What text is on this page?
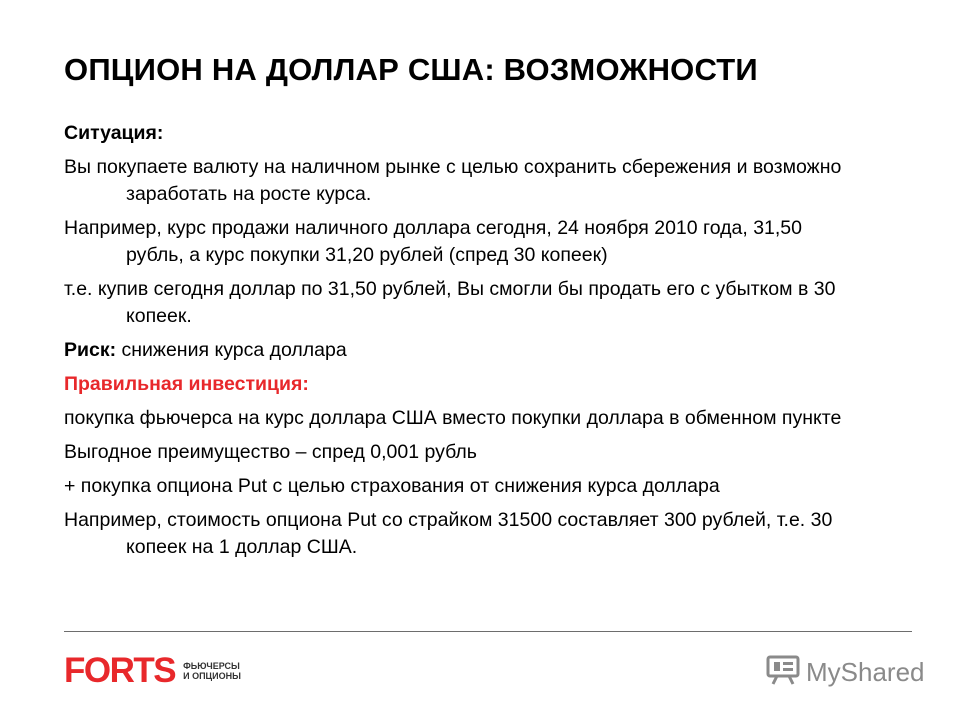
ОПЦИОН НА ДОЛЛАР США: ВОЗМОЖНОСТИ
Ситуация:
Вы покупаете валюту на наличном рынке с целью сохранить сбережения и возможно заработать на росте курса.
Например, курс продажи наличного доллара сегодня, 24 ноября 2010 года, 31,50 рубль, а курс покупки 31,20 рублей (спред 30 копеек)
т.е. купив сегодня доллар по 31,50 рублей, Вы смогли бы продать его с убытком в 30 копеек.
Риск: снижения курса доллара
Правильная инвестиция:
покупка фьючерса на курс доллара США вместо покупки доллара в обменном пункте
Выгодное преимущество – спред 0,001 рубль
+ покупка опциона Put с целью страхования от снижения курса доллара
Например, стоимость опциона Put со страйком 31500 составляет 300 рублей, т.е. 30 копеек на 1 доллар США.
FORTS ФЬЮЧЕРСЫ
И ОПЦИОНЫ	MyShared
